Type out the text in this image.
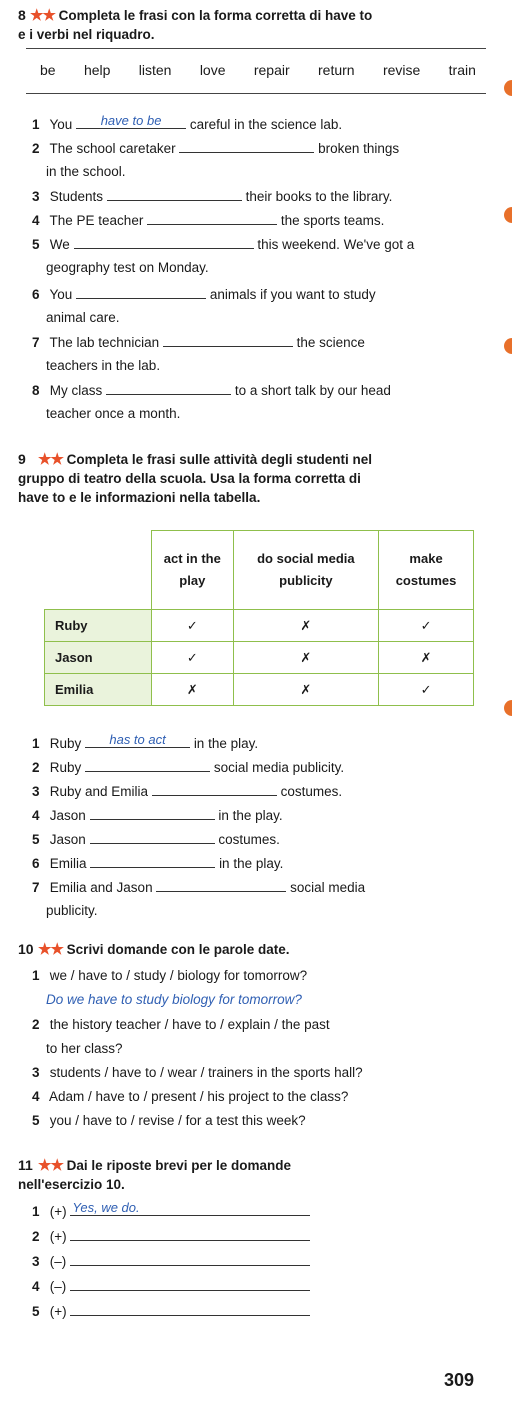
8 ★★ Completa le frasi con la forma corretta di have to
e i verbi nel riquadro.
be help listen love repair return revise train
1 You	have to be	careful in the science lab.
2 The school caretaker	broken things
in the school.
3 Students	their books to the library.
4 The PE teacher	the sports teams.
5 We	this weekend. We've got a
geography test on Monday.
6 You	animals if you want to study
animal care.
7 The lab technician	the science
teachers in the lab.
8 My class	to a short talk by our head
teacher once a month.
9 ★★ Completa le frasi sulle attività degli studenti nel
gruppo di teatro della scuola. Usa la forma corretta di
have to e le informazioni nella tabella.
	act in the play	do social media publicity	make costumes
Ruby	✓	✗	✓
Jason	✓	✗	✗
Emilia	✗	✗	✓
1 Ruby	has to act	in the play.
2 Ruby	social media publicity.
3 Ruby and Emilia	costumes.
4 Jason	in the play.
5 Jason	costumes.
6 Emilia	in the play.
7 Emilia and Jason	social media
publicity.
10 ★★ Scrivi domande con le parole date.
1 we / have to / study / biology for tomorrow?
Do we have to study biology for tomorrow?
2 the history teacher / have to / explain / the past
to her class?
3 students / have to / wear / trainers in the sports hall?
4 Adam / have to / present / his project to the class?
5 you / have to / revise / for a test this week?
11 ★★ Dai le riposte brevi per le domande
nell'esercizio 10.
1 (+) Yes, we do.
2 (+)
3 (–)
4 (–)
5 (+)
309
